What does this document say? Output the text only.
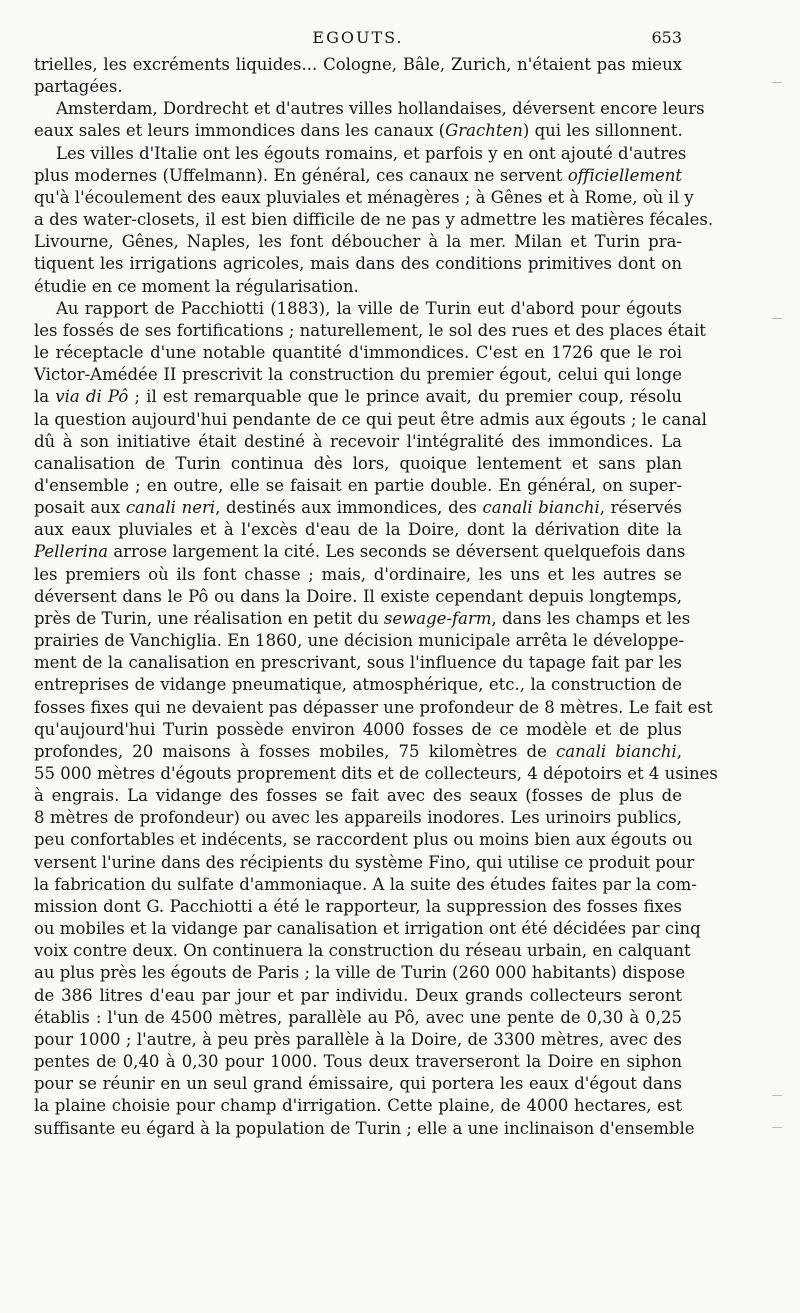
EGOUTS.	653

trielles, les excréments liquides... Cologne, Bâle, Zurich, n'étaient pas mieux
partagées.

Amsterdam, Dordrecht et d'autres villes hollandaises, déversent encore leurs
eaux sales et leurs immondices dans les canaux (Grachten) qui les sillonnent.

Les villes d'Italie ont les égouts romains, et parfois y en ont ajouté d'autres
plus modernes (Uffelmann). En général, ces canaux ne servent officiellement
qu'à l'écoulement des eaux pluviales et ménagères ; à Gênes et à Rome, où il y
a des water-closets, il est bien difficile de ne pas y admettre les matières fécales.
Livourne, Gênes, Naples, les font déboucher à la mer. Milan et Turin pra-
tiquent les irrigations agricoles, mais dans des conditions primitives dont on
étudie en ce moment la régularisation.

Au rapport de Pacchiotti (1883), la ville de Turin eut d'abord pour égouts
les fossés de ses fortifications ; naturellement, le sol des rues et des places était
le réceptacle d'une notable quantité d'immondices. C'est en 1726 que le roi
Victor-Amédée II prescrivit la construction du premier égout, celui qui longe
la via di Pô ; il est remarquable que le prince avait, du premier coup, résolu
la question aujourd'hui pendante de ce qui peut être admis aux égouts ; le canal
dû à son initiative était destiné à recevoir l'intégralité des immondices. La
canalisation de Turin continua dès lors, quoique lentement et sans plan
d'ensemble ; en outre, elle se faisait en partie double. En général, on super-
posait aux canali neri, destinés aux immondices, des canali bianchi, réservés
aux eaux pluviales et à l'excès d'eau de la Doire, dont la dérivation dite la
Pellerina arrose largement la cité. Les seconds se déversent quelquefois dans
les premiers où ils font chasse ; mais, d'ordinaire, les uns et les autres se
déversent dans le Pô ou dans la Doire. Il existe cependant depuis longtemps,
près de Turin, une réalisation en petit du sewage-farm, dans les champs et les
prairies de Vanchiglia. En 1860, une décision municipale arrêta le développe-
ment de la canalisation en prescrivant, sous l'influence du tapage fait par les
entreprises de vidange pneumatique, atmosphérique, etc., la construction de
fosses fixes qui ne devaient pas dépasser une profondeur de 8 mètres. Le fait est
qu'aujourd'hui Turin possède environ 4000 fosses de ce modèle et de plus
profondes, 20 maisons à fosses mobiles, 75 kilomètres de canali bianchi,
55 000 mètres d'égouts proprement dits et de collecteurs, 4 dépotoirs et 4 usines
à engrais. La vidange des fosses se fait avec des seaux (fosses de plus de
8 mètres de profondeur) ou avec les appareils inodores. Les urinoirs publics,
peu confortables et indécents, se raccordent plus ou moins bien aux égouts ou
versent l'urine dans des récipients du système Fino, qui utilise ce produit pour
la fabrication du sulfate d'ammoniaque. A la suite des études faites par la com-
mission dont G. Pacchiotti a été le rapporteur, la suppression des fosses fixes
ou mobiles et la vidange par canalisation et irrigation ont été décidées par cinq
voix contre deux. On continuera la construction du réseau urbain, en calquant
au plus près les égouts de Paris ; la ville de Turin (260 000 habitants) dispose
de 386 litres d'eau par jour et par individu. Deux grands collecteurs seront
établis : l'un de 4500 mètres, parallèle au Pô, avec une pente de 0,30 à 0,25
pour 1000 ; l'autre, à peu près parallèle à la Doire, de 3300 mètres, avec des
pentes de 0,40 à 0,30 pour 1000. Tous deux traverseront la Doire en siphon
pour se réunir en un seul grand émissaire, qui portera les eaux d'égout dans
la plaine choisie pour champ d'irrigation. Cette plaine, de 4000 hectares, est
suffisante eu égard à la population de Turin ; elle a une inclinaison d'ensemble
